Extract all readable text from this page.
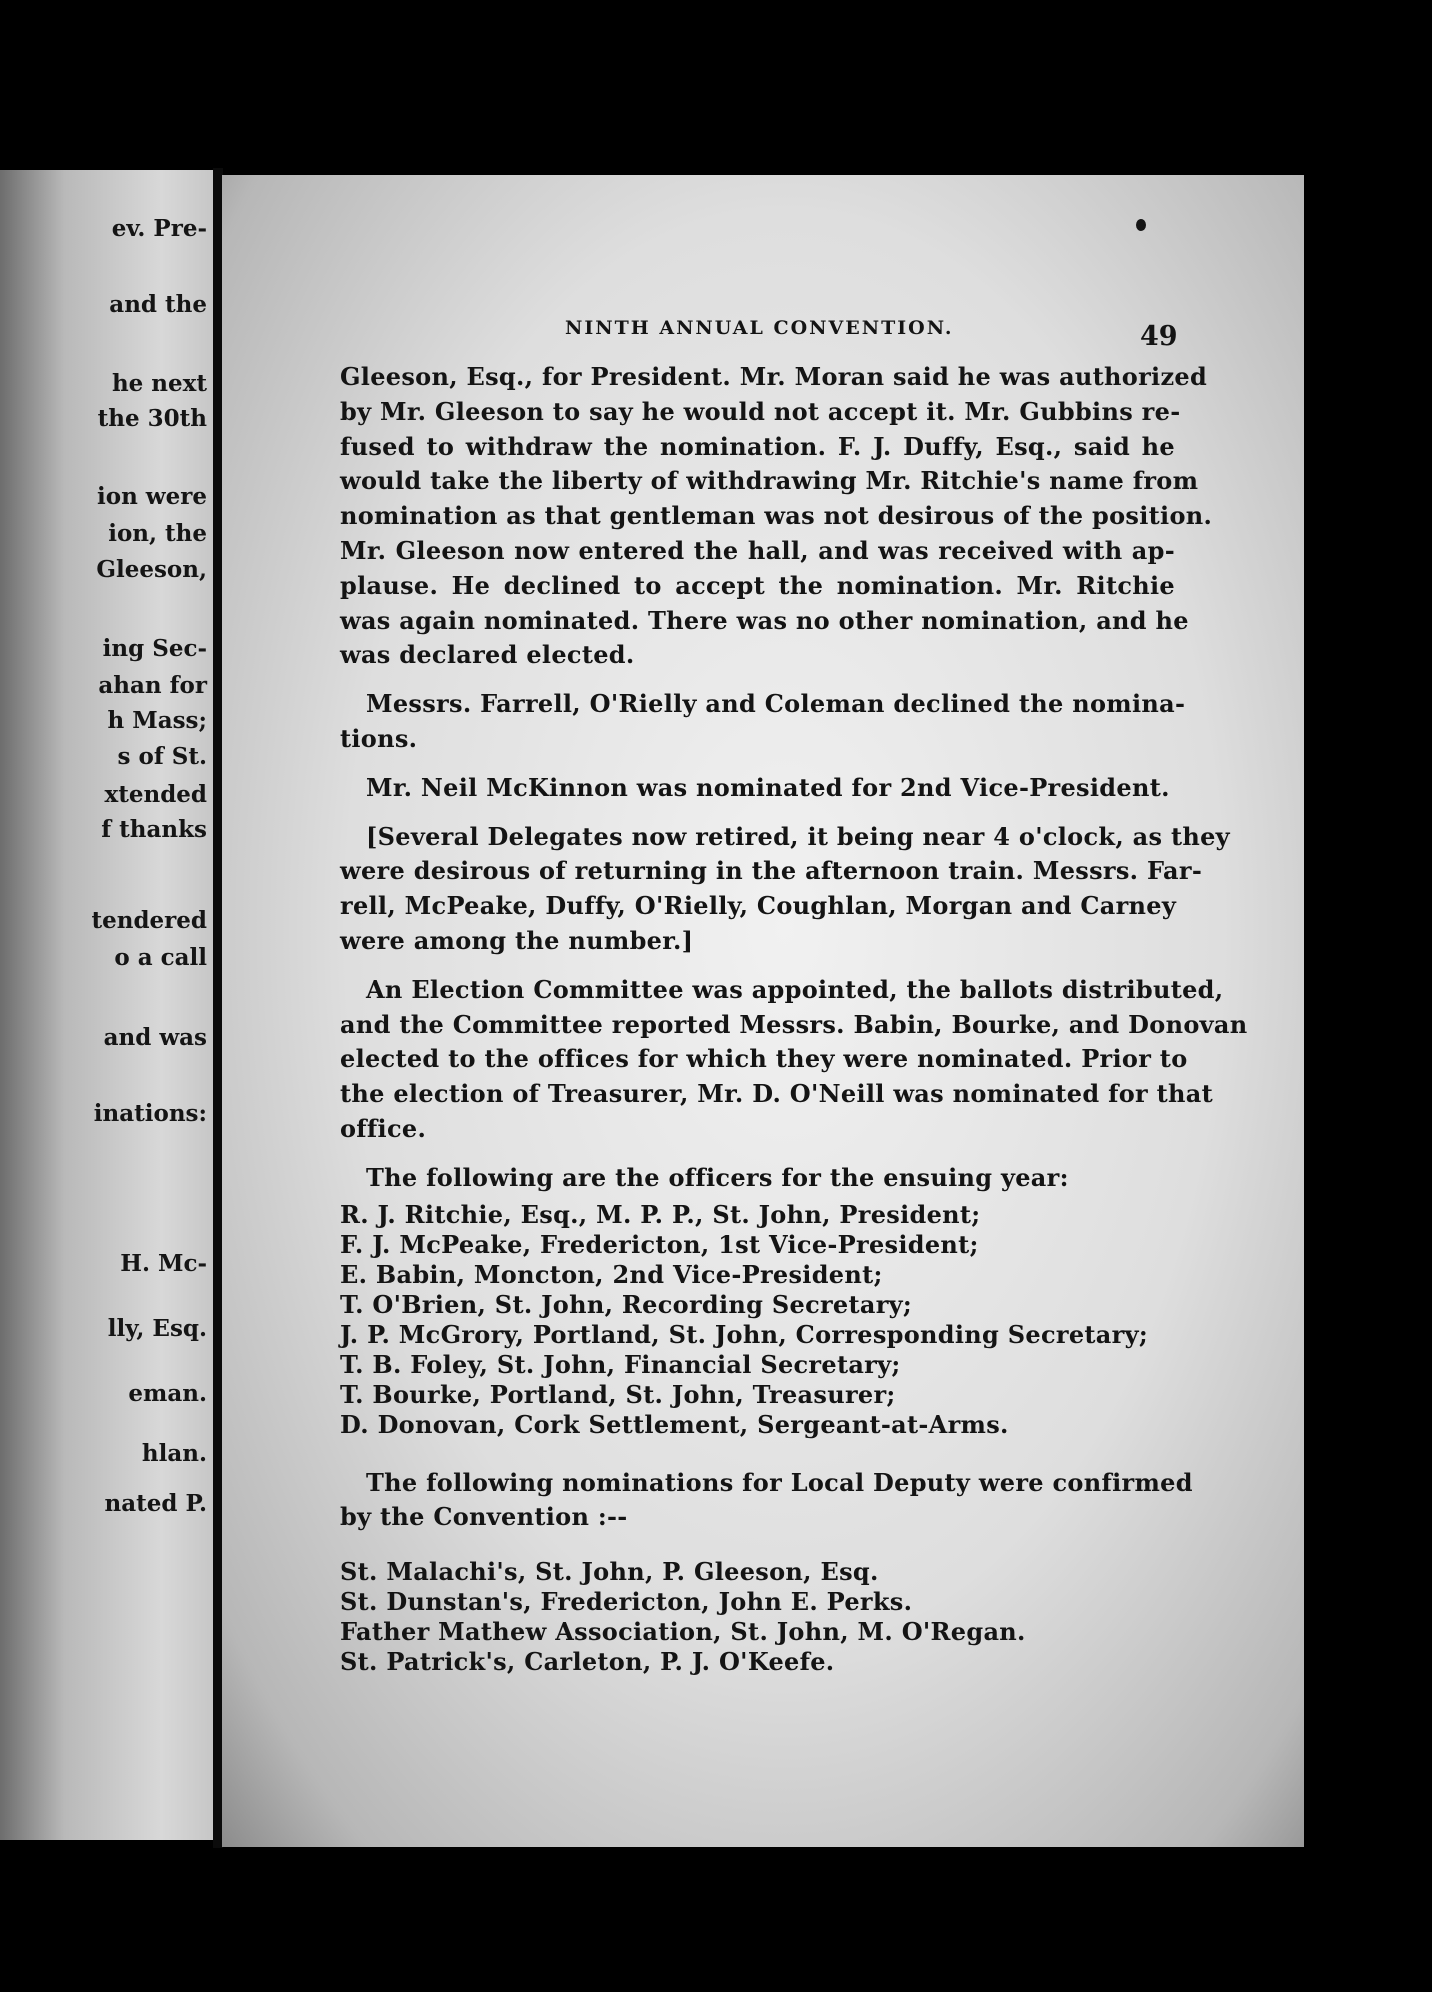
ev. Pre-
and the
he next
the 30th
ion were
ion, the
Gleeson,
ing Sec-
ahan for
h Mass;
s of St.
xtended
f thanks
tendered
o a call
and was
inations:
H. Mc-
lly, Esq.
eman.
hlan.
nated P.
NINTH ANNUAL CONVENTION.	49
Gleeson, Esq., for President. Mr. Moran said he was authorized
by Mr. Gleeson to say he would not accept it. Mr. Gubbins re-
fused to withdraw the nomination. F. J. Duffy, Esq., said he
would take the liberty of withdrawing Mr. Ritchie's name from
nomination as that gentleman was not desirous of the position.
Mr. Gleeson now entered the hall, and was received with ap-
plause. He declined to accept the nomination. Mr. Ritchie
was again nominated. There was no other nomination, and he
was declared elected.
Messrs. Farrell, O'Rielly and Coleman declined the nomina-
tions.
Mr. Neil McKinnon was nominated for 2nd Vice-President.
[Several Delegates now retired, it being near 4 o'clock, as they
were desirous of returning in the afternoon train. Messrs. Far-
rell, McPeake, Duffy, O'Rielly, Coughlan, Morgan and Carney
were among the number.]
An Election Committee was appointed, the ballots distributed,
and the Committee reported Messrs. Babin, Bourke, and Donovan
elected to the offices for which they were nominated. Prior to
the election of Treasurer, Mr. D. O'Neill was nominated for that
office.
The following are the officers for the ensuing year:
R. J. Ritchie, Esq., M. P. P., St. John, President;
F. J. McPeake, Fredericton, 1st Vice-President;
E. Babin, Moncton, 2nd Vice-President;
T. O'Brien, St. John, Recording Secretary;
J. P. McGrory, Portland, St. John, Corresponding Secretary;
T. B. Foley, St. John, Financial Secretary;
T. Bourke, Portland, St. John, Treasurer;
D. Donovan, Cork Settlement, Sergeant-at-Arms.
The following nominations for Local Deputy were confirmed
by the Convention :--
St. Malachi's, St. John, P. Gleeson, Esq.
St. Dunstan's, Fredericton, John E. Perks.
Father Mathew Association, St. John, M. O'Regan.
St. Patrick's, Carleton, P. J. O'Keefe.
